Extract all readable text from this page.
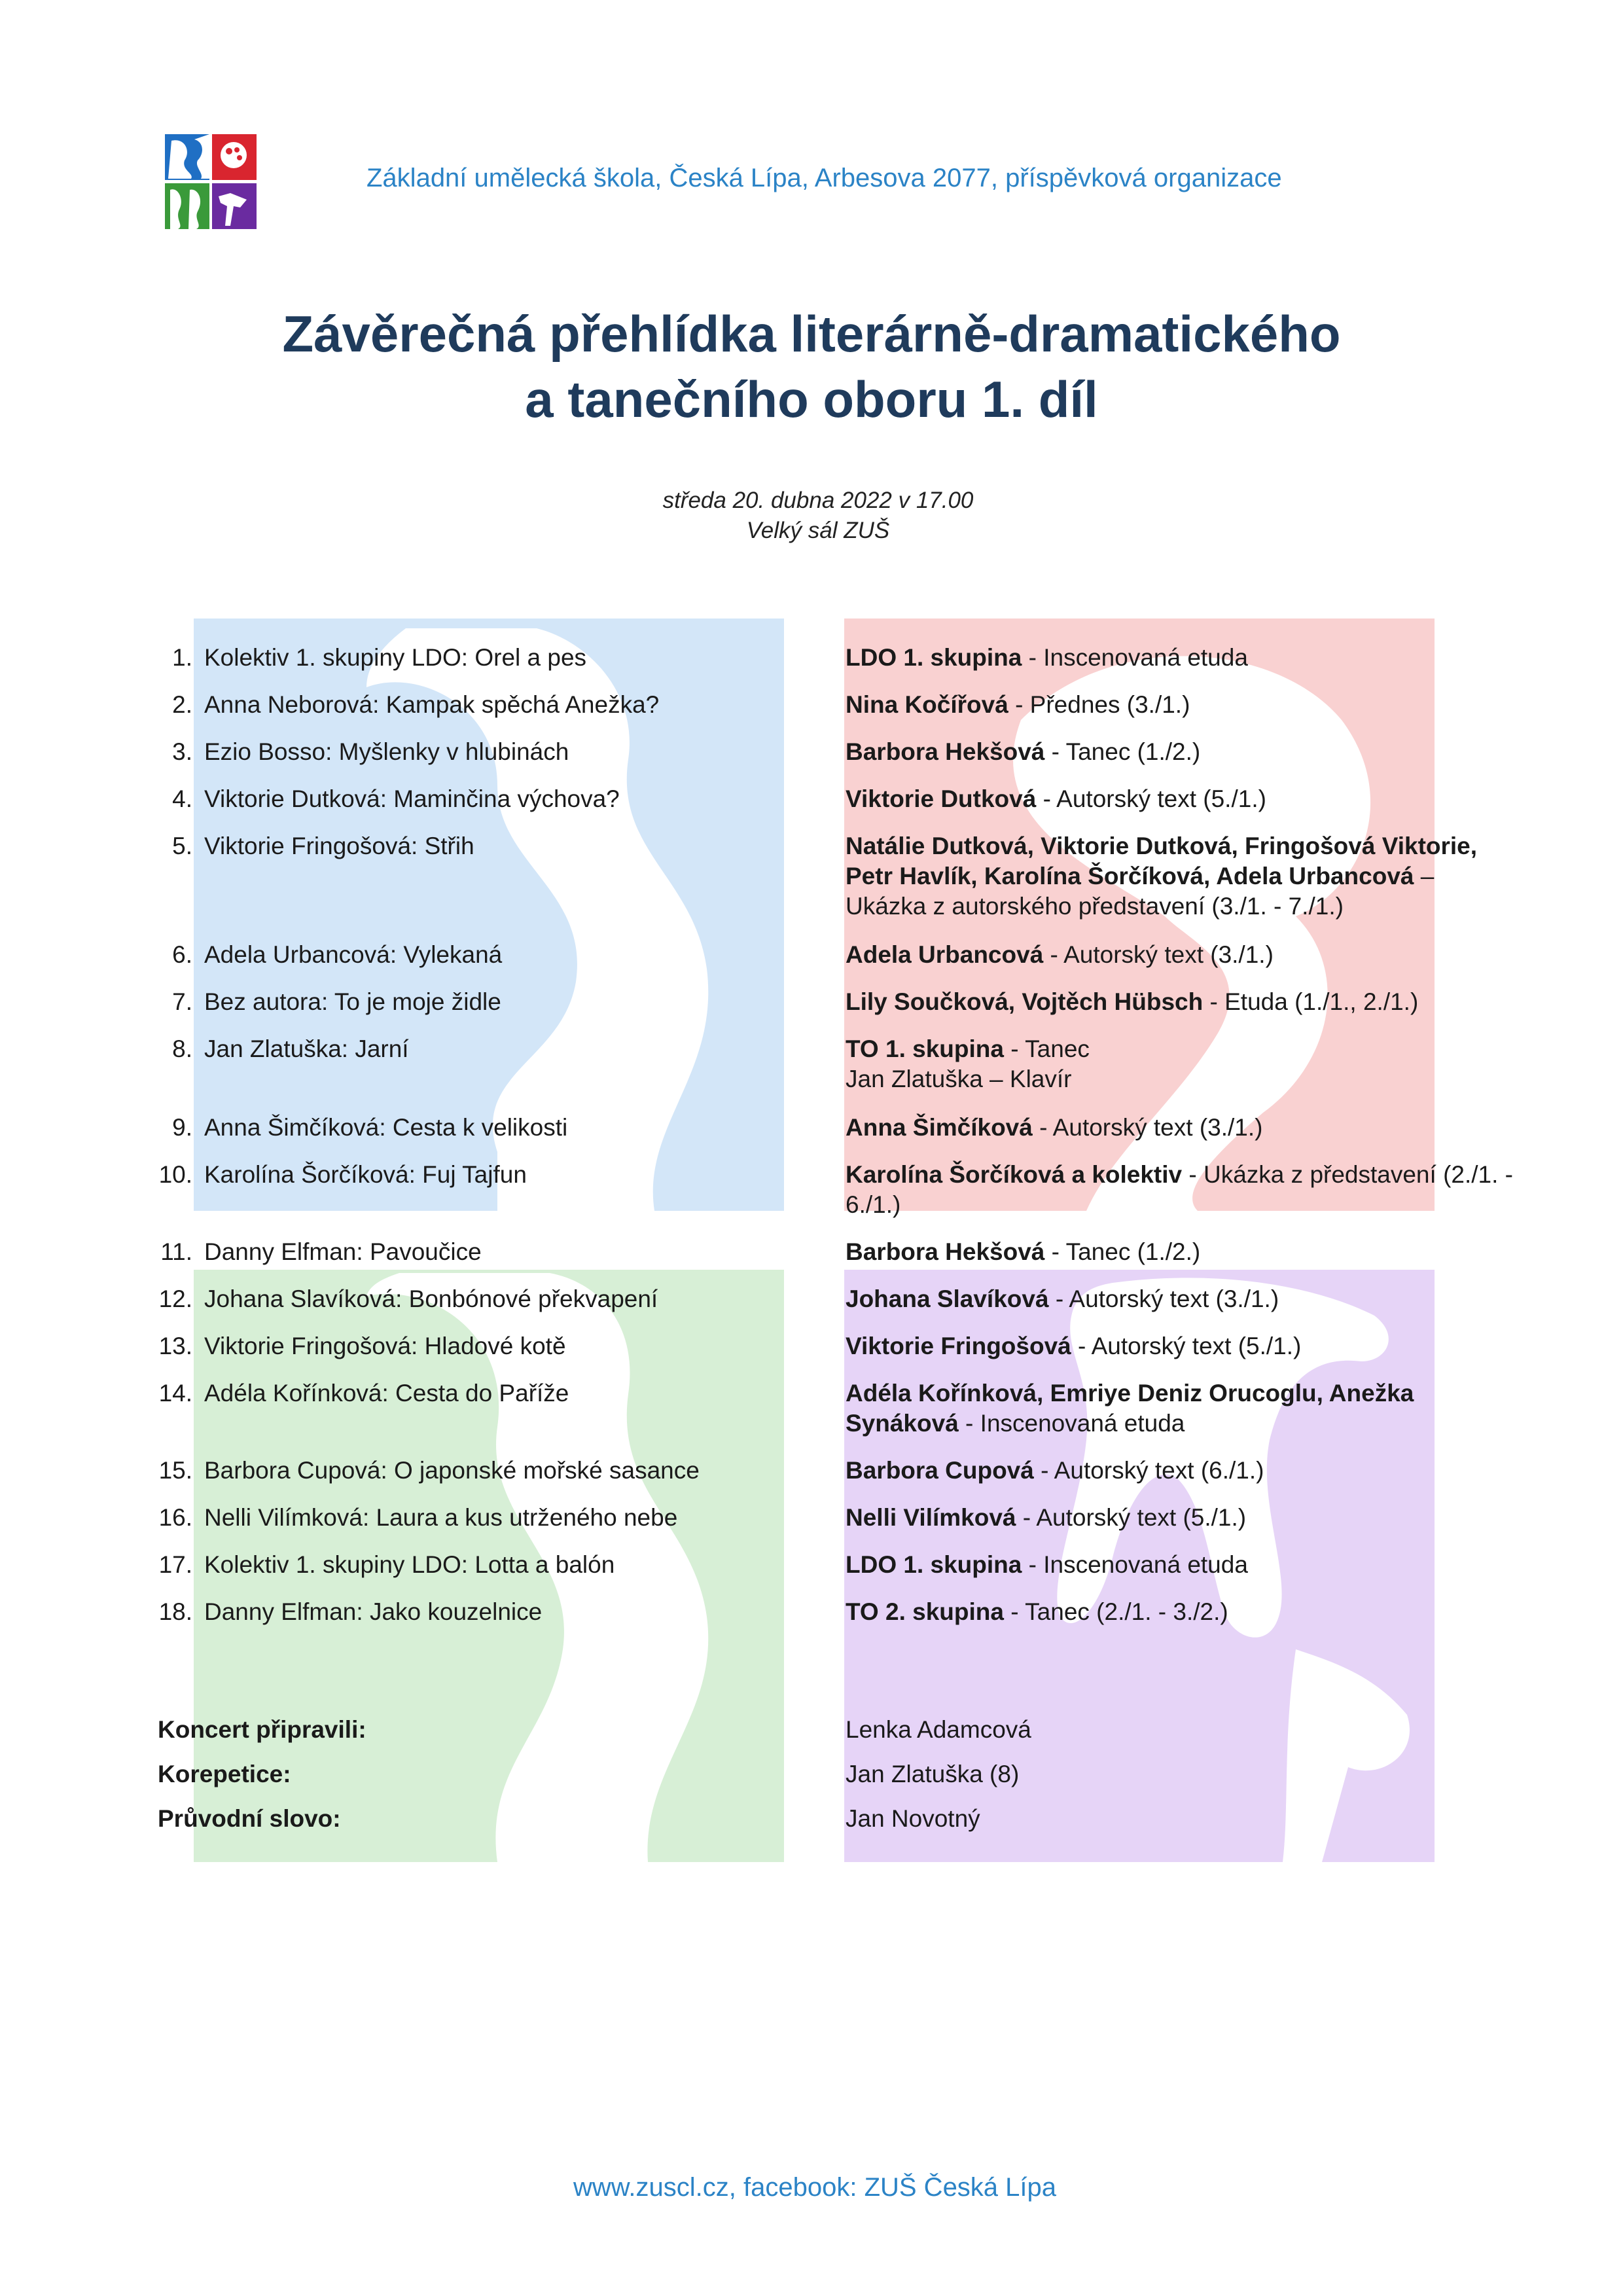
Základní umělecká škola, Česká Lípa, Arbesova 2077, příspěvková organizace
Závěrečná přehlídka literárně-dramatického
a tanečního oboru 1. díl
středa 20. dubna 2022 v 17.00
Velký sál ZUŠ
1. Kolektiv 1. skupiny LDO: Orel a pes	LDO 1. skupina - Inscenovaná etuda
2. Anna Neborová: Kampak spěchá Anežka?	Nina Kočířová - Přednes (3./1.)
3. Ezio Bosso: Myšlenky v hlubinách	Barbora Hekšová - Tanec (1./2.)
4. Viktorie Dutková: Maminčina výchova?	Viktorie Dutková - Autorský text (5./1.)
5. Viktorie Fringošová: Střih	Natálie Dutková, Viktorie Dutková, Fringošová Viktorie, Petr Havlík, Karolína Šorčíková, Adela Urbancová – Ukázka z autorského představení (3./1. - 7./1.)
6. Adela Urbancová: Vylekaná	Adela Urbancová - Autorský text (3./1.)
7. Bez autora: To je moje židle	Lily Součková, Vojtěch Hübsch - Etuda (1./1., 2./1.)
8. Jan Zlatuška: Jarní	TO 1. skupina - Tanec
Jan Zlatuška – Klavír
9. Anna Šimčíková: Cesta k velikosti	Anna Šimčíková - Autorský text (3./1.)
10. Karolína Šorčíková: Fuj Tajfun	Karolína Šorčíková a kolektiv - Ukázka z představení (2./1. - 6./1.)
11. Danny Elfman: Pavoučice	Barbora Hekšová - Tanec (1./2.)
12. Johana Slavíková: Bonbónové překvapení	Johana Slavíková - Autorský text (3./1.)
13. Viktorie Fringošová: Hladové kotě	Viktorie Fringošová - Autorský text (5./1.)
14. Adéla Kořínková: Cesta do Paříže	Adéla Kořínková, Emriye Deniz Orucoglu, Anežka Synáková - Inscenovaná etuda
15. Barbora Cupová: O japonské mořské sasance	Barbora Cupová - Autorský text (6./1.)
16. Nelli Vilímková: Laura a kus utrženého nebe	Nelli Vilímková - Autorský text (5./1.)
17. Kolektiv 1. skupiny LDO: Lotta a balón	LDO 1. skupina - Inscenovaná etuda
18. Danny Elfman: Jako kouzelnice	TO 2. skupina - Tanec (2./1. - 3./2.)
Koncert připravili:	Lenka Adamcová
Korepetice:	Jan Zlatuška (8)
Průvodní slovo:	Jan Novotný
www.zuscl.cz, facebook: ZUŠ Česká Lípa
